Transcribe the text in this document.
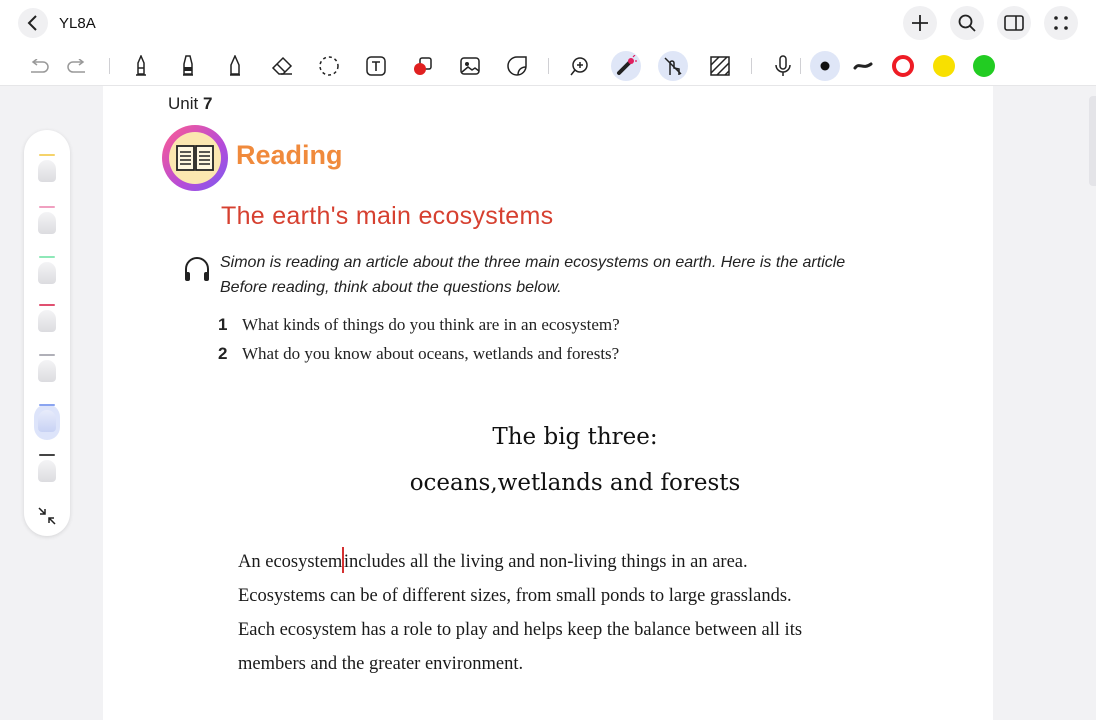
YL8A
Unit 7
Reading
The earth's main ecosystems
Simon is reading an article about the three main ecosystems on earth. Here is the article
Before reading, think about the questions below.
1 What kinds of things do you think are in an ecosystem?
2 What do you know about oceans, wetlands and forests?
The big three:
oceans,wetlands and forests
An ecosystemincludes all the living and non-living things in an area.
Ecosystems can be of different sizes, from small ponds to large grasslands.
Each ecosystem has a role to play and helps keep the balance between all its
members and the greater environment.
